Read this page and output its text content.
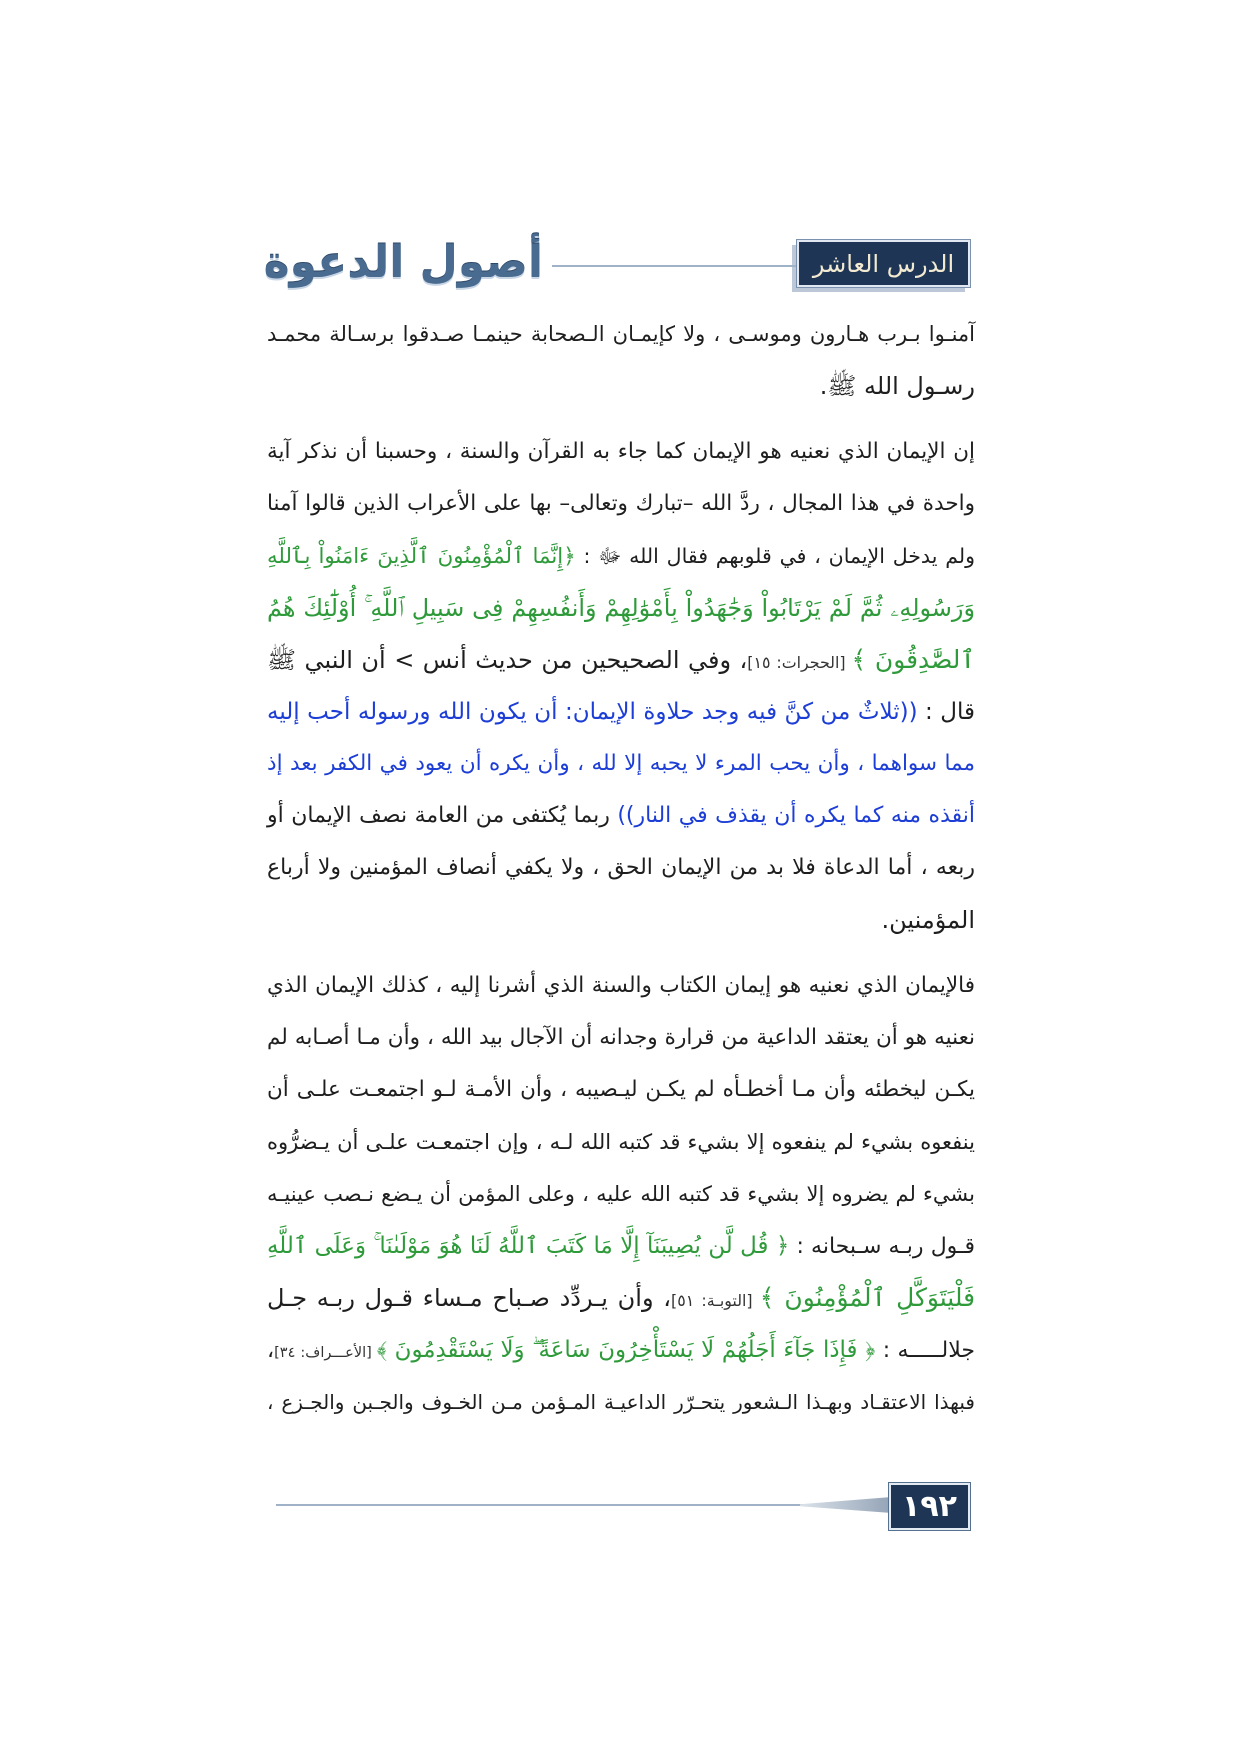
الدرس العاشر
أصول الدعوة
آمنـوا بـرب هـارون وموسـى ، ولا كإيمـان الـصحابة حينمـا صـدقوا برسـالة محمـد
رسـول الله ﷺ.
إن الإيمان الذي نعنيه هو الإيمان كما جاء به القرآن والسنة ، وحسبنا أن نذكر آية
واحدة في هذا المجال ، ردَّ الله –تبارك وتعالى– بها على الأعراب الذين قالوا آمنا
ولم يدخل الإيمان ، في قلوبهم فقال الله ﷻ : ﴿إِنَّمَا ٱلْمُؤْمِنُونَ ٱلَّذِينَ ءَامَنُواْ بِٱللَّهِ
وَرَسُولِهِۦ ثُمَّ لَمْ يَرْتَابُواْ وَجَٰهَدُواْ بِأَمْوَٰلِهِمْ وَأَنفُسِهِمْ فِى سَبِيلِ ٱللَّهِ ۚ أُوْلَٰٓئِكَ هُمُ
ٱلصَّٰدِقُونَ ﴾ [الحجرات: ١٥]، وفي الصحيحين من حديث أنس > أن النبي ﷺ
قال : ((ثلاثٌ من كنَّ فيه وجد حلاوة الإيمان: أن يكون الله ورسوله أحب إليه
مما سواهما ، وأن يحب المرء لا يحبه إلا لله ، وأن يكره أن يعود في الكفر بعد إذ
أنقذه منه كما يكره أن يقذف في النار)) ربما يُكتفى من العامة نصف الإيمان أو
ربعه ، أما الدعاة فلا بد من الإيمان الحق ، ولا يكفي أنصاف المؤمنين ولا أرباع
المؤمنين.
فالإيمان الذي نعنيه هو إيمان الكتاب والسنة الذي أشرنا إليه ، كذلك الإيمان الذي
نعنيه هو أن يعتقد الداعية من قرارة وجدانه أن الآجال بيد الله ، وأن مـا أصـابه لم
يكـن ليخطئه وأن مـا أخطـأه لم يكـن ليـصيبه ، وأن الأمـة لـو اجتمعـت علـى أن
ينفعوه بشيء لم ينفعوه إلا بشيء قد كتبه الله لـه ، وإن اجتمعـت علـى أن يـضرُّوه
بشيء لم يضروه إلا بشيء قد كتبه الله عليه ، وعلى المؤمن أن يـضع نـصب عينيـه
قـول ربـه سـبحانه : ﴿ قُل لَّن يُصِيبَنَآ إِلَّا مَا كَتَبَ ٱللَّهُ لَنَا هُوَ مَوْلَىٰنَا ۚ وَعَلَى ٱللَّهِ
فَلْيَتَوَكَّلِ ٱلْمُؤْمِنُونَ ﴾ [التوبـة: ٥١]، وأن يـردِّد صـباح مـساء قـول ربـه جـل
جلالـــــه : ﴿ فَإِذَا جَآءَ أَجَلُهُمْ لَا يَسْتَأْخِرُونَ سَاعَةً ۖ وَلَا يَسْتَقْدِمُونَ ﴾ [الأعـــراف: ٣٤]،
فبهذا الاعتقـاد وبهـذا الـشعور يتحـرّر الداعيـة المـؤمن مـن الخـوف والجـبن والجـزع ،
١٩٢
